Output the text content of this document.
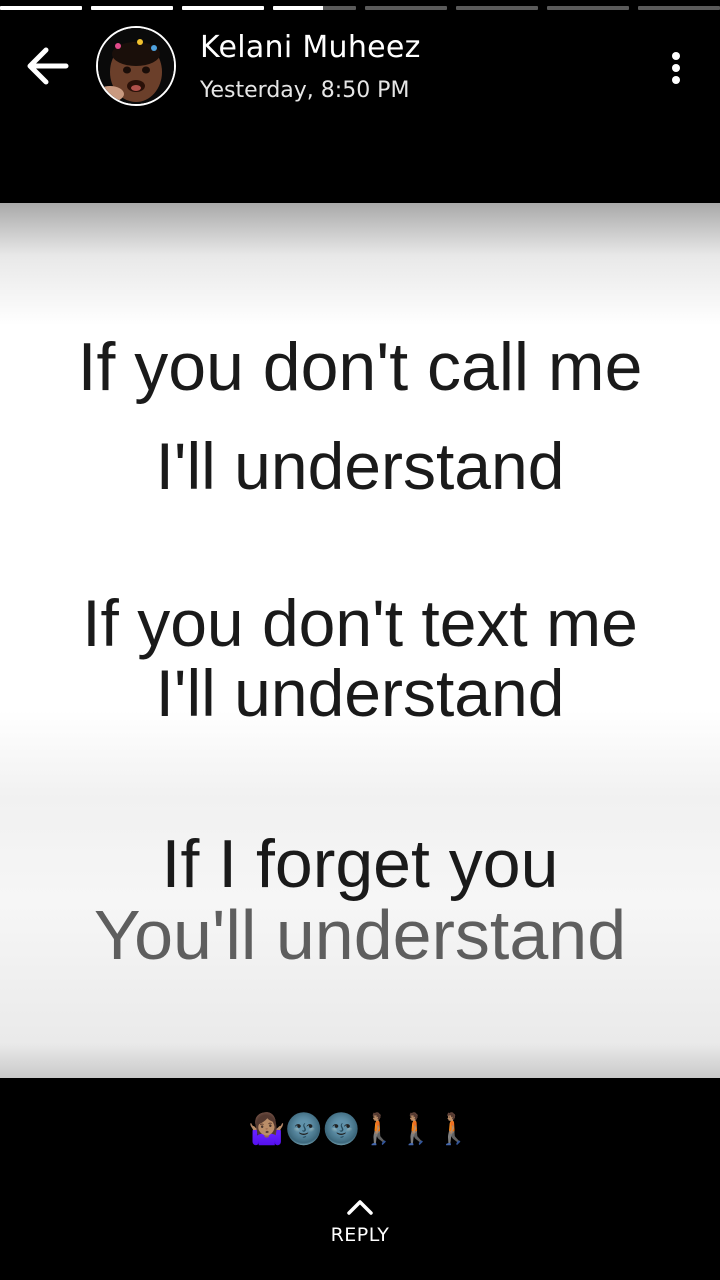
Kelani Muheez
Yesterday, 8:50 PM
If you don't call me
I'll understand
If you don't text me
I'll understand
If I forget you
You'll understand
🤷🏽‍♀️🌚🌚🚶🏽🚶🏽🚶🏽
REPLY
